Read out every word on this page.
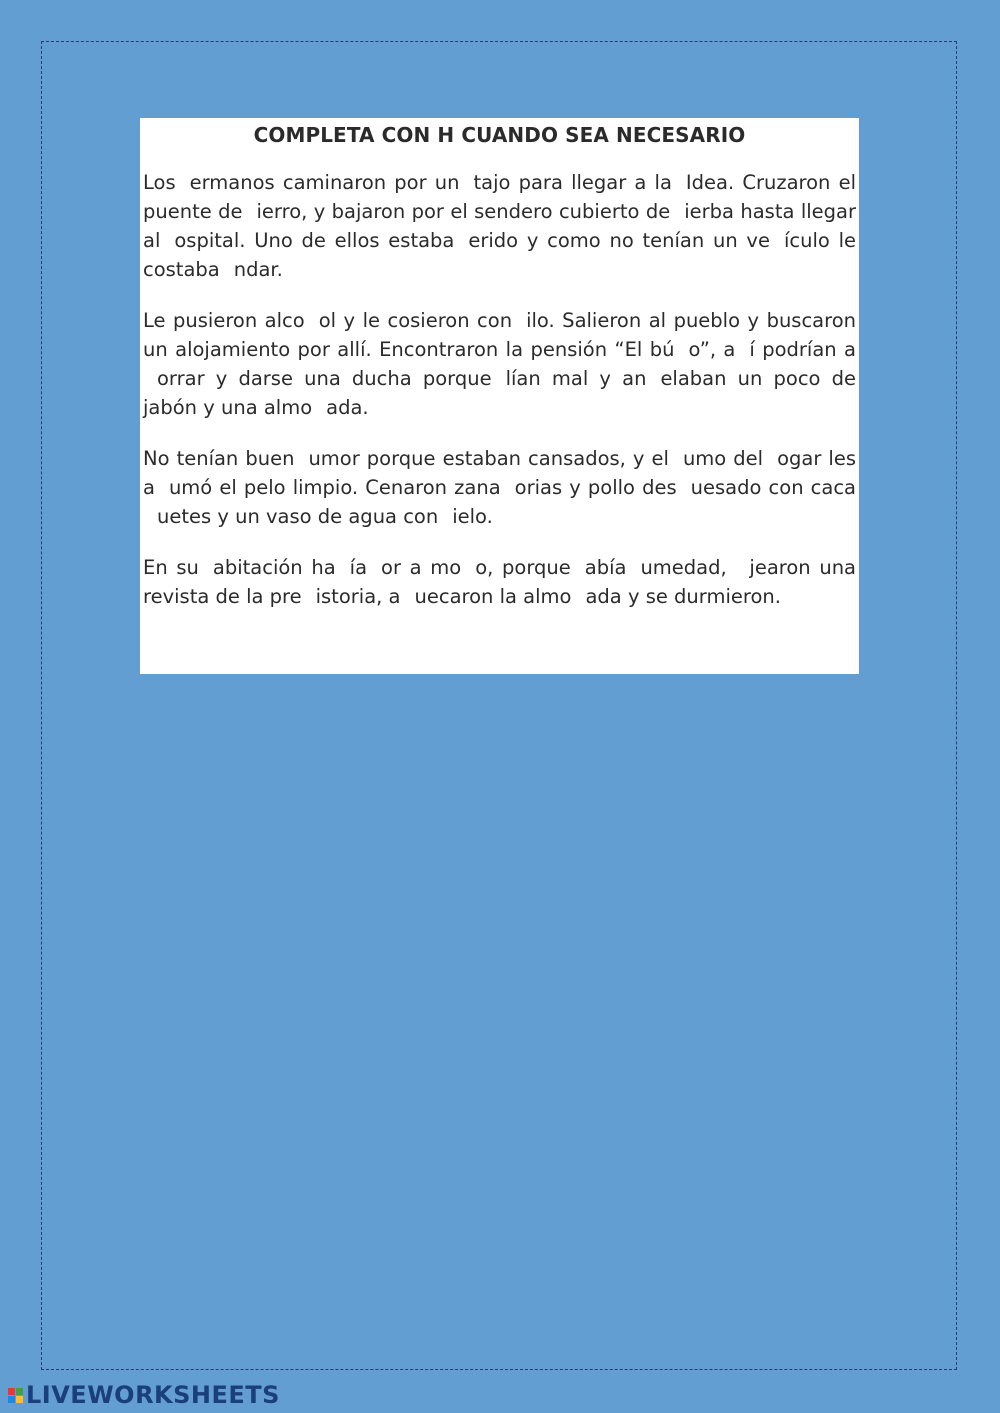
COMPLETA CON H CUANDO SEA NECESARIO
Los ermanos caminaron por un tajo para llegar a la Idea. Cruzaron el puente de ierro, y bajaron por el sendero cubierto de ierba hasta llegar al ospital. Uno de ellos estaba erido y como no tenían un ve ículo le costaba ndar.
Le pusieron alco ol y le cosieron con ilo. Salieron al pueblo y buscaron un alojamiento por allí. Encontraron la pensión “El bú o”, a í podrían aorrar y darse una ducha porque lían mal y an elaban un poco de jabón y una almo ada.
No tenían buen umor porque estaban cansados, y el umo del ogar les a umó el pelo limpio. Cenaron zana orias y pollo des uesado con cacauetes y un vaso de agua con ielo.
En su abitación ha ía or a mo o, porque abía umedad, jearon una revista de la pre istoria, a uecaron la almo ada y se durmieron.
LIVEWORKSHEETS
